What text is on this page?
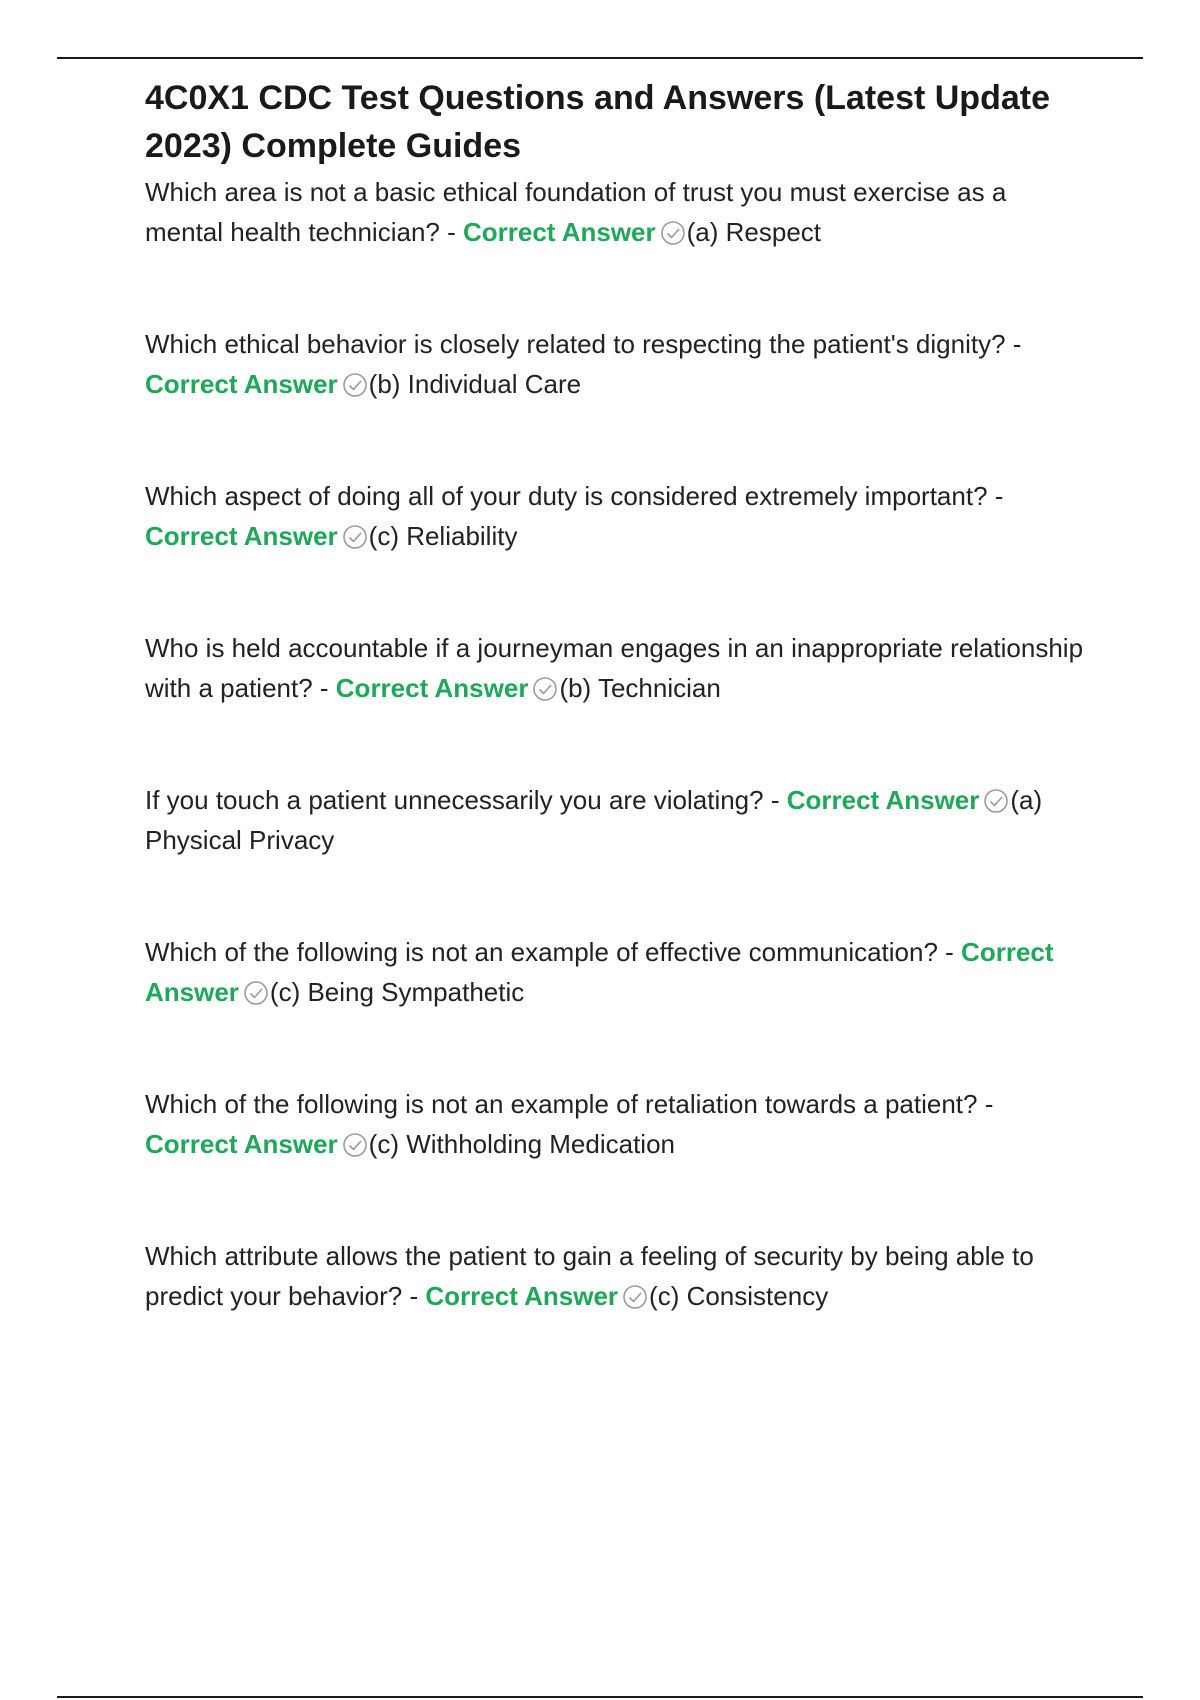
4C0X1 CDC Test Questions and Answers (Latest Update 2023) Complete Guides

Which area is not a basic ethical foundation of trust you must exercise as a mental health technician? - Correct Answer (a) Respect

Which ethical behavior is closely related to respecting the patient's dignity? - Correct Answer (b) Individual Care

Which aspect of doing all of your duty is considered extremely important? - Correct Answer (c) Reliability

Who is held accountable if a journeyman engages in an inappropriate relationship with a patient? - Correct Answer (b) Technician

If you touch a patient unnecessarily you are violating? - Correct Answer (a) Physical Privacy

Which of the following is not an example of effective communication? - Correct Answer (c) Being Sympathetic

Which of the following is not an example of retaliation towards a patient? - Correct Answer (c) Withholding Medication

Which attribute allows the patient to gain a feeling of security by being able to predict your behavior? - Correct Answer (c) Consistency
